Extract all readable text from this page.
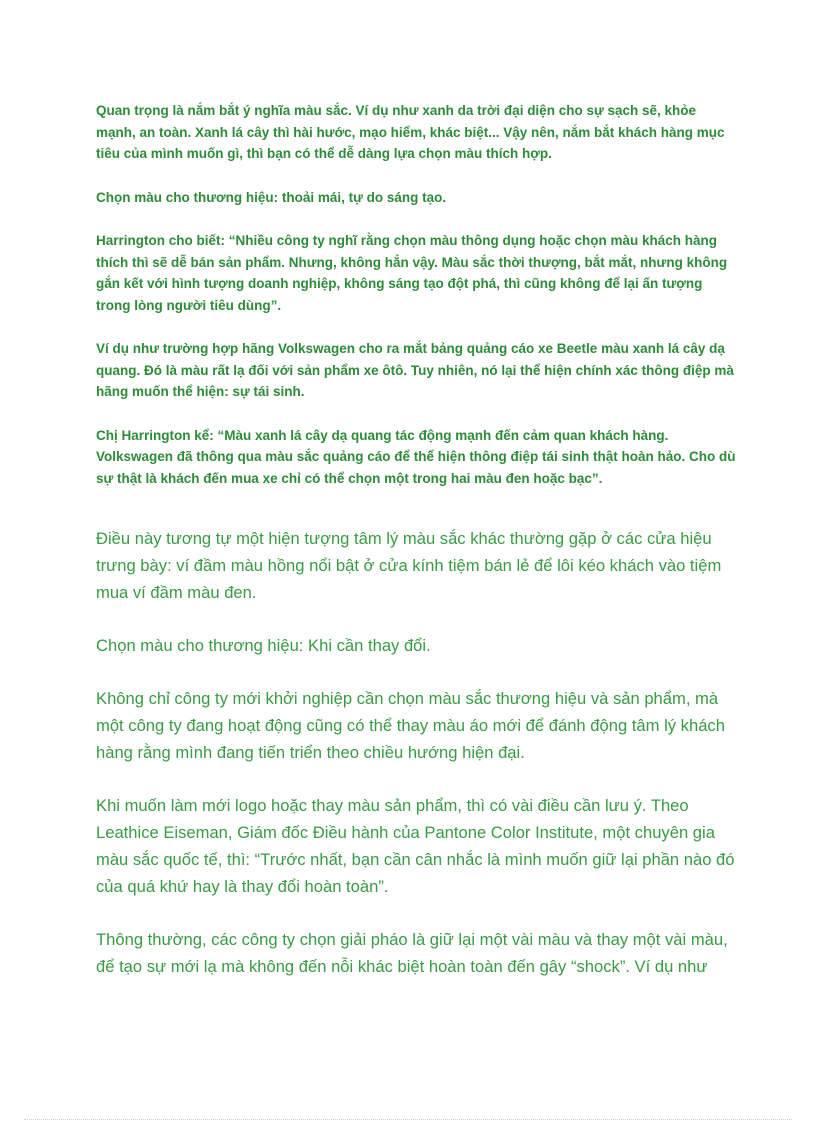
Quan trọng là nắm bắt ý nghĩa màu sắc. Ví dụ như xanh da trời đại diện cho sự sạch sẽ, khỏe mạnh, an toàn. Xanh lá cây thì hài hước, mạo hiểm, khác biệt... Vậy nên, nắm bắt khách hàng mục tiêu của mình muốn gì, thì bạn có thể dễ dàng lựa chọn màu thích hợp.

Chọn màu cho thương hiệu: thoải mái, tự do sáng tạo.

Harrington cho biết: “Nhiều công ty nghĩ rằng chọn màu thông dụng hoặc chọn màu khách hàng thích thì sẽ dễ bán sản phẩm. Nhưng, không hẳn vậy. Màu sắc thời thượng, bắt mắt, nhưng không gắn kết với hình tượng doanh nghiệp, không sáng tạo đột phá, thì cũng không để lại ấn tượng trong lòng người tiêu dùng”.

Ví dụ như trường hợp hãng Volkswagen cho ra mắt bảng quảng cáo xe Beetle màu xanh lá cây dạ quang. Đó là màu rất lạ đối với sản phẩm xe ôtô. Tuy nhiên, nó lại thể hiện chính xác thông điệp mà hãng muốn thể hiện: sự tái sinh.

Chị Harrington kể: “Màu xanh lá cây dạ quang tác động mạnh đến cảm quan khách hàng. Volkswagen đã thông qua màu sắc quảng cáo để thể hiện thông điệp tái sinh thật hoàn hảo. Cho dù sự thật là khách đến mua xe chỉ có thể chọn một trong hai màu đen hoặc bạc”.

Điều này tương tự một hiện tượng tâm lý màu sắc khác thường gặp ở các cửa hiệu trưng bày: ví đầm màu hồng nổi bật ở cửa kính tiệm bán lẻ để lôi kéo khách vào tiệm mua ví đầm màu đen.

Chọn màu cho thương hiệu: Khi cần thay đổi.

Không chỉ công ty mới khởi nghiệp cần chọn màu sắc thương hiệu và sản phẩm, mà một công ty đang hoạt động cũng có thể thay màu áo mới để đánh động tâm lý khách hàng rằng mình đang tiến triển theo chiều hướng hiện đại.

Khi muốn làm mới logo hoặc thay màu sản phẩm, thì có vài điều cần lưu ý. Theo Leathice Eiseman, Giám đốc Điều hành của Pantone Color Institute, một chuyên gia màu sắc quốc tế, thì: “Trước nhất, bạn cần cân nhắc là mình muốn giữ lại phần nào đó của quá khứ hay là thay đổi hoàn toàn”.

Thông thường, các công ty chọn giải pháo là giữ lại một vài màu và thay một vài màu, để tạo sự mới lạ mà không đến nỗi khác biệt hoàn toàn đến gây “shock”. Ví dụ như
